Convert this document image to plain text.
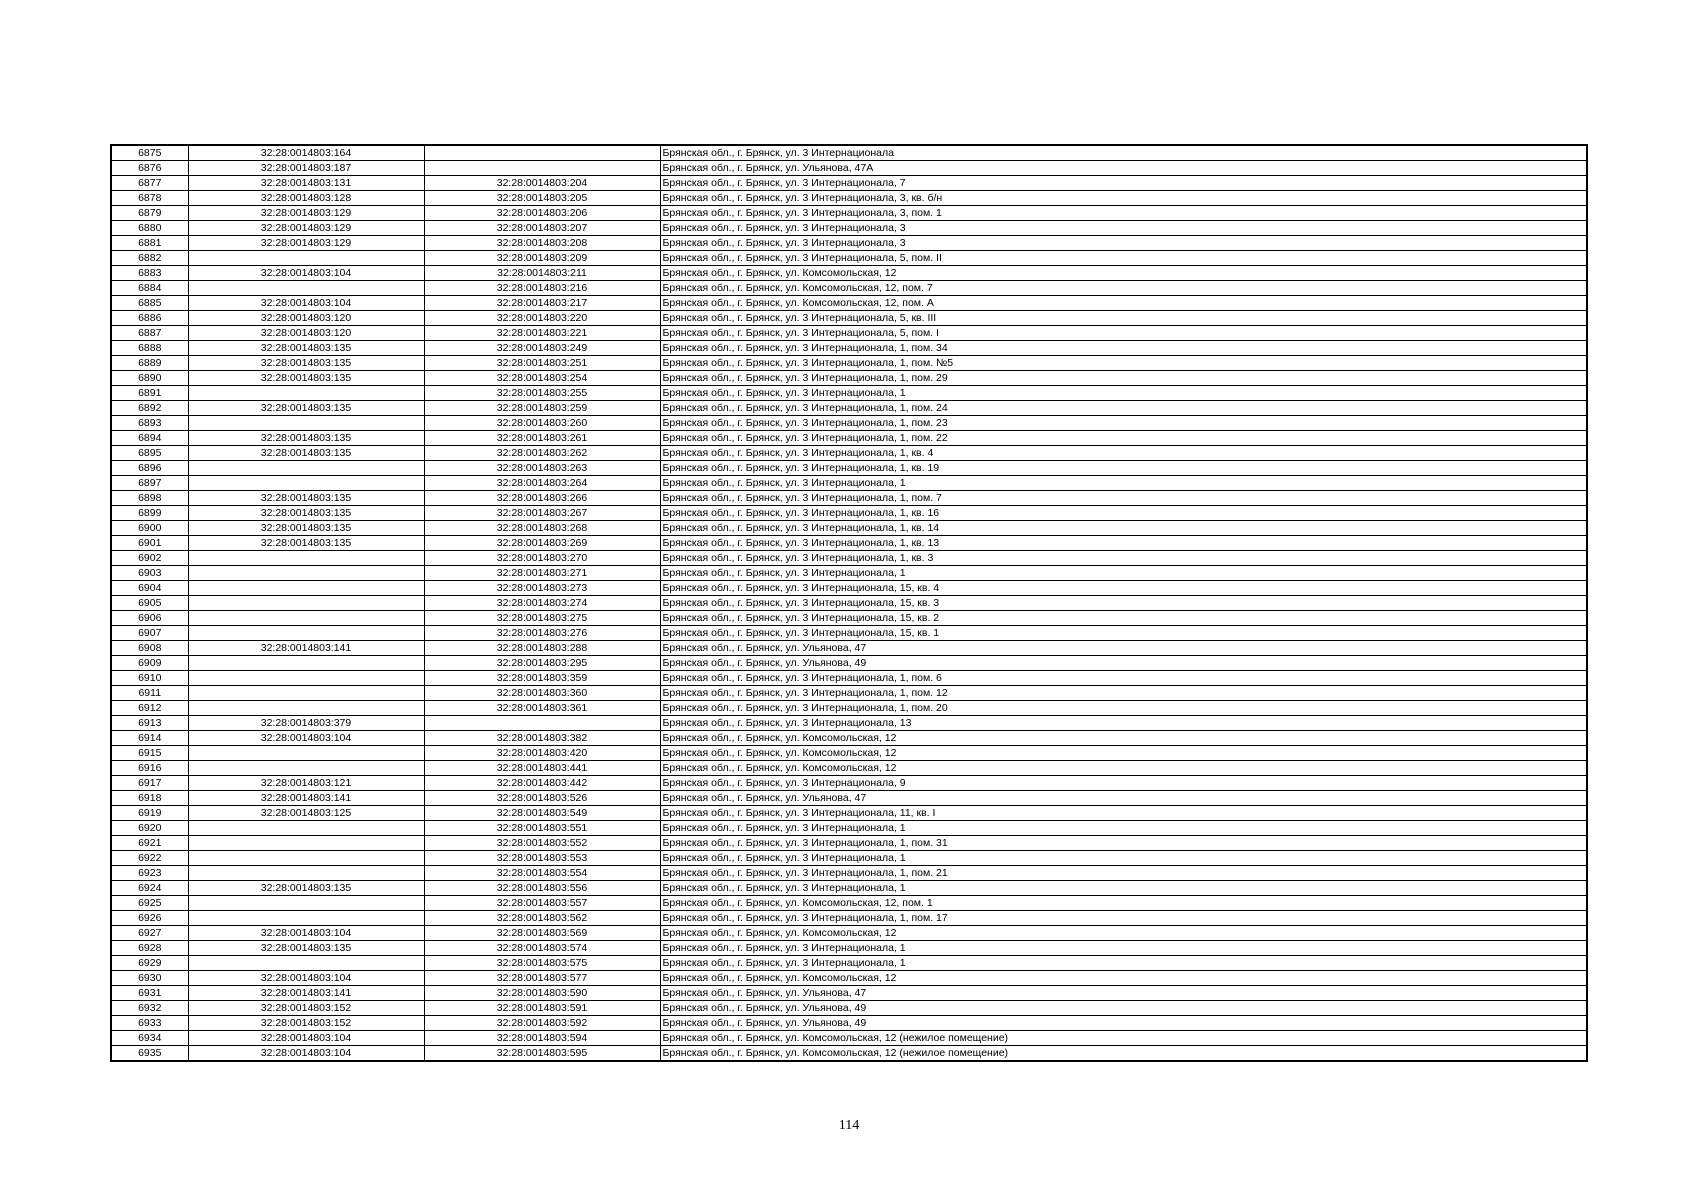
6875	32:28:0014803:164		Брянская обл., г. Брянск, ул. 3 Интернационала
6876	32:28:0014803:187		Брянская обл., г. Брянск, ул. Ульянова, 47А
6877	32:28:0014803:131	32:28:0014803:204	Брянская обл., г. Брянск, ул. 3 Интернационала, 7
6878	32:28:0014803:128	32:28:0014803:205	Брянская обл., г. Брянск, ул. 3 Интернационала, 3, кв. б/н
6879	32:28:0014803:129	32:28:0014803:206	Брянская обл., г. Брянск, ул. 3 Интернационала, 3, пом. 1
6880	32:28:0014803:129	32:28:0014803:207	Брянская обл., г. Брянск, ул. 3 Интернационала, 3
6881	32:28:0014803:129	32:28:0014803:208	Брянская обл., г. Брянск, ул. 3 Интернационала, 3
6882		32:28:0014803:209	Брянская обл., г. Брянск, ул. 3 Интернационала, 5, пом. II
6883	32:28:0014803:104	32:28:0014803:211	Брянская обл., г. Брянск, ул. Комсомольская, 12
6884		32:28:0014803:216	Брянская обл., г. Брянск, ул. Комсомольская, 12, пом. 7
6885	32:28:0014803:104	32:28:0014803:217	Брянская обл., г. Брянск, ул. Комсомольская, 12, пом. А
6886	32:28:0014803:120	32:28:0014803:220	Брянская обл., г. Брянск, ул. 3 Интернационала, 5, кв. III
6887	32:28:0014803:120	32:28:0014803:221	Брянская обл., г. Брянск, ул. 3 Интернационала, 5, пом. I
6888	32:28:0014803:135	32:28:0014803:249	Брянская обл., г. Брянск, ул. 3 Интернационала, 1, пом. 34
6889	32:28:0014803:135	32:28:0014803:251	Брянская обл., г. Брянск, ул. 3 Интернационала, 1, пом. №5
6890	32:28:0014803:135	32:28:0014803:254	Брянская обл., г. Брянск, ул. 3 Интернационала, 1, пом. 29
6891		32:28:0014803:255	Брянская обл., г. Брянск, ул. 3 Интернационала, 1
6892	32:28:0014803:135	32:28:0014803:259	Брянская обл., г. Брянск, ул. 3 Интернационала, 1, пом. 24
6893		32:28:0014803:260	Брянская обл., г. Брянск, ул. 3 Интернационала, 1, пом. 23
6894	32:28:0014803:135	32:28:0014803:261	Брянская обл., г. Брянск, ул. 3 Интернационала, 1, пом. 22
6895	32:28:0014803:135	32:28:0014803:262	Брянская обл., г. Брянск, ул. 3 Интернационала, 1, кв. 4
6896		32:28:0014803:263	Брянская обл., г. Брянск, ул. 3 Интернационала, 1, кв. 19
6897		32:28:0014803:264	Брянская обл., г. Брянск, ул. 3 Интернационала, 1
6898	32:28:0014803:135	32:28:0014803:266	Брянская обл., г. Брянск, ул. 3 Интернационала, 1, пом. 7
6899	32:28:0014803:135	32:28:0014803:267	Брянская обл., г. Брянск, ул. 3 Интернационала, 1, кв. 16
6900	32:28:0014803:135	32:28:0014803:268	Брянская обл., г. Брянск, ул. 3 Интернационала, 1, кв. 14
6901	32:28:0014803:135	32:28:0014803:269	Брянская обл., г. Брянск, ул. 3 Интернационала, 1, кв. 13
6902		32:28:0014803:270	Брянская обл., г. Брянск, ул. 3 Интернационала, 1, кв. 3
6903		32:28:0014803:271	Брянская обл., г. Брянск, ул. 3 Интернационала, 1
6904		32:28:0014803:273	Брянская обл., г. Брянск, ул. 3 Интернационала, 15, кв. 4
6905		32:28:0014803:274	Брянская обл., г. Брянск, ул. 3 Интернационала, 15, кв. 3
6906		32:28:0014803:275	Брянская обл., г. Брянск, ул. 3 Интернационала, 15, кв. 2
6907		32:28:0014803:276	Брянская обл., г. Брянск, ул. 3 Интернационала, 15, кв. 1
6908	32:28:0014803:141	32:28:0014803:288	Брянская обл., г. Брянск, ул. Ульянова, 47
6909		32:28:0014803:295	Брянская обл., г. Брянск, ул. Ульянова, 49
6910		32:28:0014803:359	Брянская обл., г. Брянск, ул. 3 Интернационала, 1, пом. 6
6911		32:28:0014803:360	Брянская обл., г. Брянск, ул. 3 Интернационала, 1, пом. 12
6912		32:28:0014803:361	Брянская обл., г. Брянск, ул. 3 Интернационала, 1, пом. 20
6913	32:28:0014803:379		Брянская обл., г. Брянск, ул. 3 Интернационала, 13
6914	32:28:0014803:104	32:28:0014803:382	Брянская обл., г. Брянск, ул. Комсомольская, 12
6915		32:28:0014803:420	Брянская обл., г. Брянск, ул. Комсомольская, 12
6916		32:28:0014803:441	Брянская обл., г. Брянск, ул. Комсомольская, 12
6917	32:28:0014803:121	32:28:0014803:442	Брянская обл., г. Брянск, ул. 3 Интернационала, 9
6918	32:28:0014803:141	32:28:0014803:526	Брянская обл., г. Брянск, ул. Ульянова, 47
6919	32:28:0014803:125	32:28:0014803:549	Брянская обл., г. Брянск, ул. 3 Интернационала, 11, кв. I
6920		32:28:0014803:551	Брянская обл., г. Брянск, ул. 3 Интернационала, 1
6921		32:28:0014803:552	Брянская обл., г. Брянск, ул. 3 Интернационала, 1, пом. 31
6922		32:28:0014803:553	Брянская обл., г. Брянск, ул. 3 Интернационала, 1
6923		32:28:0014803:554	Брянская обл., г. Брянск, ул. 3 Интернационала, 1, пом. 21
6924	32:28:0014803:135	32:28:0014803:556	Брянская обл., г. Брянск, ул. 3 Интернационала, 1
6925		32:28:0014803:557	Брянская обл., г. Брянск, ул. Комсомольская, 12, пом. 1
6926		32:28:0014803:562	Брянская обл., г. Брянск, ул. 3 Интернационала, 1, пом. 17
6927	32:28:0014803:104	32:28:0014803:569	Брянская обл., г. Брянск, ул. Комсомольская, 12
6928	32:28:0014803:135	32:28:0014803:574	Брянская обл., г. Брянск, ул. 3 Интернационала, 1
6929		32:28:0014803:575	Брянская обл., г. Брянск, ул. 3 Интернационала, 1
6930	32:28:0014803:104	32:28:0014803:577	Брянская обл., г. Брянск, ул. Комсомольская, 12
6931	32:28:0014803:141	32:28:0014803:590	Брянская обл., г. Брянск, ул. Ульянова, 47
6932	32:28:0014803:152	32:28:0014803:591	Брянская обл., г. Брянск, ул. Ульянова, 49
6933	32:28:0014803:152	32:28:0014803:592	Брянская обл., г. Брянск, ул. Ульянова, 49
6934	32:28:0014803:104	32:28:0014803:594	Брянская обл., г. Брянск, ул. Комсомольская, 12 (нежилое помещение)
6935	32:28:0014803:104	32:28:0014803:595	Брянская обл., г. Брянск, ул. Комсомольская, 12 (нежилое помещение)
114
